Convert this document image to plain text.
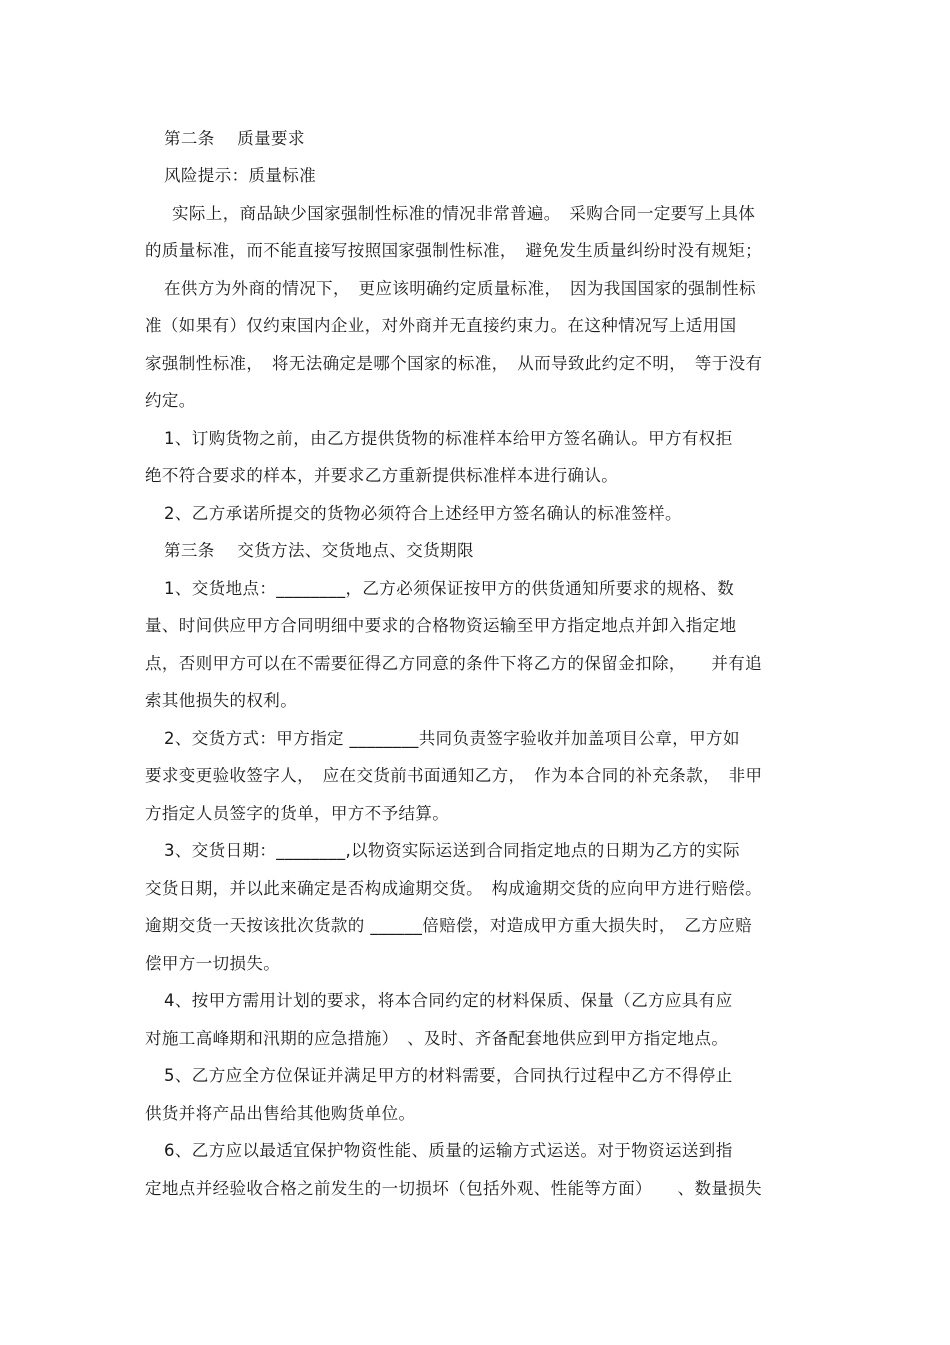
第二条　 质量要求
风险提示：质量标准
实际上，商品缺少国家强制性标准的情况非常普遍。　采购合同一定要写上具体
的质量标准，而不能直接写按照国家强制性标准，　避免发生质量纠纷时没有规矩；
在供方为外商的情况下，　更应该明确约定质量标准，　因为我国国家的强制性标
准（如果有）仅约束国内企业，对外商并无直接约束力。在这种情况写上适用国
家强制性标准，　将无法确定是哪个国家的标准，　从而导致此约定不明，　等于没有
约定。
1、订购货物之前，由乙方提供货物的标准样本给甲方签名确认。甲方有权拒
绝不符合要求的样本，并要求乙方重新提供标准样本进行确认。
2、乙方承诺所提交的货物必须符合上述经甲方签名确认的标准签样。
第三条　 交货方法、交货地点、交货期限
1、交货地点：________，乙方必须保证按甲方的供货通知所要求的规格、数
量、时间供应甲方合同明细中要求的合格物资运输至甲方指定地点并卸入指定地
点，否则甲方可以在不需要征得乙方同意的条件下将乙方的保留金扣除，　　并有追
索其他损失的权利。
2、交货方式：甲方指定 ________共同负责签字验收并加盖项目公章，甲方如
要求变更验收签字人，　应在交货前书面通知乙方，　作为本合同的补充条款，　非甲
方指定人员签字的货单，甲方不予结算。
3、交货日期：________,以物资实际运送到合同指定地点的日期为乙方的实际
交货日期，并以此来确定是否构成逾期交货。　构成逾期交货的应向甲方进行赔偿。
逾期交货一天按该批次货款的 ______倍赔偿，对造成甲方重大损失时，　乙方应赔
偿甲方一切损失。
4、按甲方需用计划的要求，将本合同约定的材料保质、保量（乙方应具有应
对施工高峰期和汛期的应急措施）　、及时、齐备配套地供应到甲方指定地点。
5、乙方应全方位保证并满足甲方的材料需要，合同执行过程中乙方不得停止
供货并将产品出售给其他购货单位。
6、乙方应以最适宜保护物资性能、质量的运输方式运送。对于物资运送到指
定地点并经验收合格之前发生的一切损坏（包括外观、性能等方面）　　、数量损失
